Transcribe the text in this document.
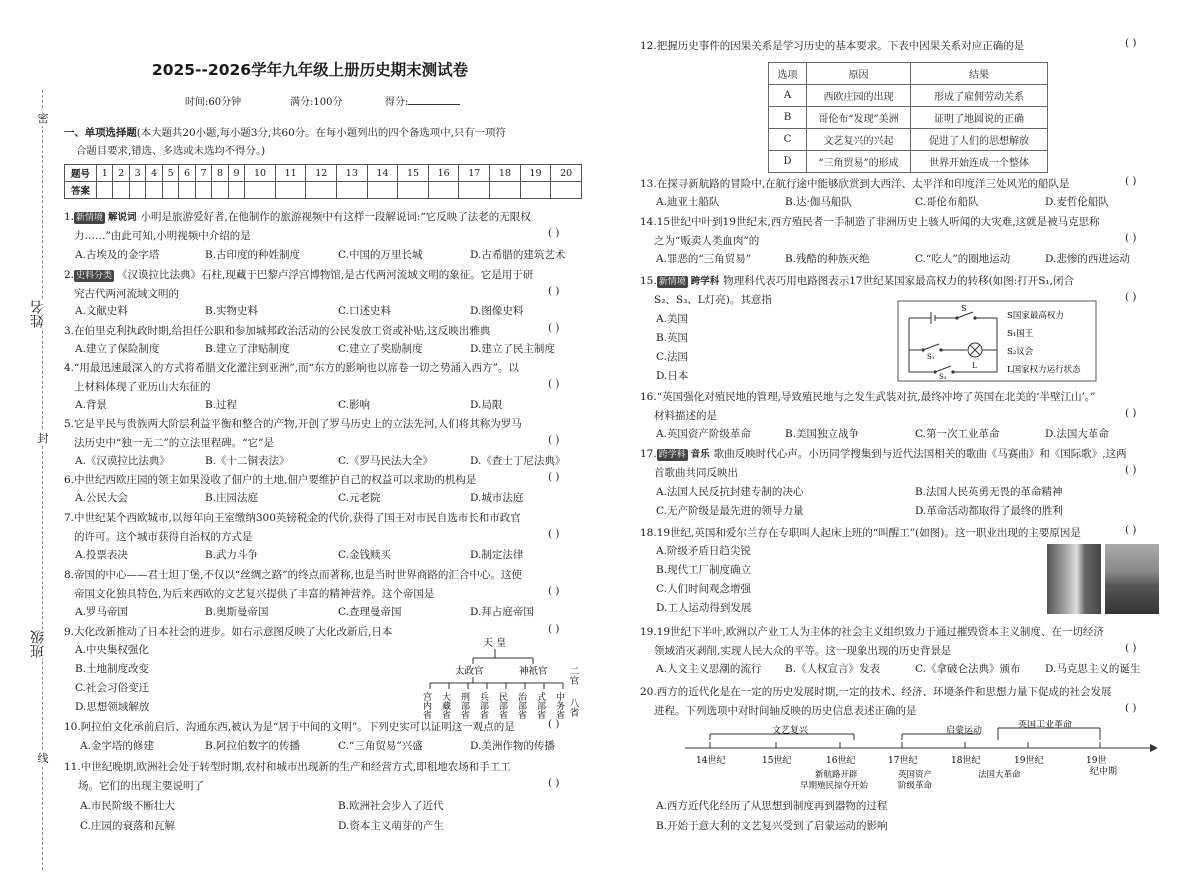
密
姓名
封
班级
线
2025--2026学年九年级上册历史期末测试卷
时间:60分钟	满分:100分	得分:
一、单项选择题(本大题共20小题,每小题3分,共60分。在每小题列出的四个备选项中,只有一项符
合题目要求,错选、多选或未选均不得分。)
题号	1	2	3	4	5	6	7	8	9	10	11	12	13	14	15	16	17	18	19	20
答案																				
1. 新情境 解说词 小明是旅游爱好者,在他制作的旅游视频中有这样一段解说词:“它反映了法老的无限权
力……”由此可知,小明视频中介绍的是	( )
A.古埃及的金字塔	B.古印度的种姓制度	C.中国的万里长城	D.古希腊的建筑艺术
2. 史料分类 《汉谟拉比法典》石柱,现藏于巴黎卢浮宫博物馆,是古代两河流域文明的象征。它是用于研
究古代两河流域文明的	( )
A.文献史料	B.实物史料	C.口述史料	D.图像史料
3.在伯里克利执政时期,给担任公职和参加城邦政治活动的公民发放工资或补贴,这反映出雅典	( )
A.建立了保险制度	B.建立了津贴制度	C.建立了奖励制度	D.建立了民主制度
4.“用最迅速最深入的方式将希腊文化灌注到亚洲”,而“东方的影响也以席卷一切之势涌入西方”。以
上材料体现了亚历山大东征的	( )
A.背景	B.过程	C.影响	D.局限
5.它是平民与贵族两大阶层利益平衡和整合的产物,开创了罗马历史上的立法先河,人们将其称为罗马
法历史中“独一无二”的立法里程碑。“它”是	( )
A.《汉谟拉比法典》	B.《十二铜表法》	C.《罗马民法大全》	D.《查士丁尼法典》
6.中世纪西欧庄园的领主如果没收了佃户的土地,佃户要维护自己的权益可以求助的机构是	( )
A.公民大会	B.庄园法庭	C.元老院	D.城市法庭
7.中世纪某个西欧城市,以每年向王室缴纳300英镑税金的代价,获得了国王对市民自选市长和市政官
的许可。这个城市获得自治权的方式是	( )
A.投票表决	B.武力斗争	C.金钱赎买	D.制定法律
8.帝国的中心——君士坦丁堡,不仅以“丝绸之路”的终点而著称,也是当时世界商路的汇合中心。这使
帝国文化独具特色,为后来西欧的文艺复兴提供了丰富的精神营养。这个帝国是	( )
A.罗马帝国	B.奥斯曼帝国	C.查理曼帝国	D.拜占庭帝国
9.大化改新推动了日本社会的进步。如右示意图反映了大化改新后,日本	( )
A.中央集权强化
B.土地制度改变
C.社会习俗变迁
D.思想领域解放
天 皇
太政官	神祇官 二官
中务省
式部省
治部省
民部省
兵部省
刑部省
大藏省
宫内省	八省
10.阿拉伯文化承前启后、沟通东西,被认为是“居于中间的文明”。下列史实可以证明这一观点的是	( )
A.金字塔的修建	B.阿拉伯数字的传播	C.“三角贸易”兴盛	D.美洲作物的传播
11.中世纪晚期,欧洲社会处于转型时期,农村和城市出现新的生产和经营方式,即租地农场和手工工
场。它们的出现主要说明了	( )
A.市民阶级不断壮大	B.欧洲社会步入了近代
C.庄园的衰落和瓦解	D.资本主义萌芽的产生
12.把握历史事件的因果关系是学习历史的基本要求。下表中因果关系对应正确的是	( )
选项	原因	结果
A	西欧庄园的出现	形成了雇佣劳动关系
B	哥伦布“发现”美洲	证明了地圆说的正确
C	文艺复兴的兴起	促进了人们的思想解放
D	“三角贸易”的形成	世界开始连成一个整体
13.在探寻新航路的冒险中,在航行途中能够欣赏到大西洋、太平洋和印度洋三处风光的船队是	( )
A.迪亚士船队	B.达·伽马船队	C.哥伦布船队	D.麦哲伦船队
14.15世纪中叶到19世纪末,西方殖民者一手制造了非洲历史上骇人听闻的大灾难,这就是被马克思称
之为“贩卖人类血肉”的	( )
A.罪恶的“三角贸易”	B.残酷的种族灭绝	C.“吃人”的圈地运动	D.悲惨的西进运动
15. 新情境 跨学科 物理科代表巧用电路图表示17世纪某国家最高权力的转移(如图:打开S₁,闭合
S₂、S₃、L灯亮)。其意指	( )
A.美国
B.英国
C.法国
D.日本
S
S₁
L
S₂
S国家最高权力
S₁国王
S₂议会
L国家权力运行状态
16.“英国强化对殖民地的管理,导致殖民地与之发生武装对抗,最终冲垮了英国在北美的‘半壁江山’。”
材料描述的是	( )
A.英国资产阶级革命	B.美国独立战争	C.第一次工业革命	D.法国大革命
17. 跨学科 音乐 歌曲反映时代心声。小历同学搜集到与近代法国相关的歌曲《马赛曲》和《国际歌》,这两
首歌曲共同反映出	( )
A.法国人民反抗封建专制的决心	B.法国人民英勇无畏的革命精神
C.无产阶级是最先进的领导力量	D.革命活动都取得了最终的胜利
18.19世纪,英国和爱尔兰存在专职叫人起床上班的“叫醒工”(如图)。这一职业出现的主要原因是	( )
A.阶级矛盾日趋尖锐
B.现代工厂制度确立
C.人们时间观念增强
D.工人运动得到发展
19.19世纪下半叶,欧洲以产业工人为主体的社会主义组织致力于通过摧毁资本主义制度、在一切经济
领域消灭剥削,实现人民大众的平等。这一现象出现的历史背景是	( )
A.人文主义思潮的流行 B.《人权宣言》发表	C.《拿破仑法典》颁布 D.马克思主义的诞生
20.西方的近代化是在一定的历史发展时期,一定的技术、经济、环境条件和思想力量下促成的社会发展
进程。下列选项中对时间轴反映的历史信息表述正确的是	( )
文艺复兴	启蒙运动
英国工业革命
14世纪	15世纪	16世纪	17世纪	18世纪	19世纪	19世
纪中期
新航路开辟
早期殖民掠夺开始
英国资产
阶级革命
法国大革命
A.西方近代化经历了从思想到制度再到器物的过程
B.开始于意大利的文艺复兴受到了启蒙运动的影响
